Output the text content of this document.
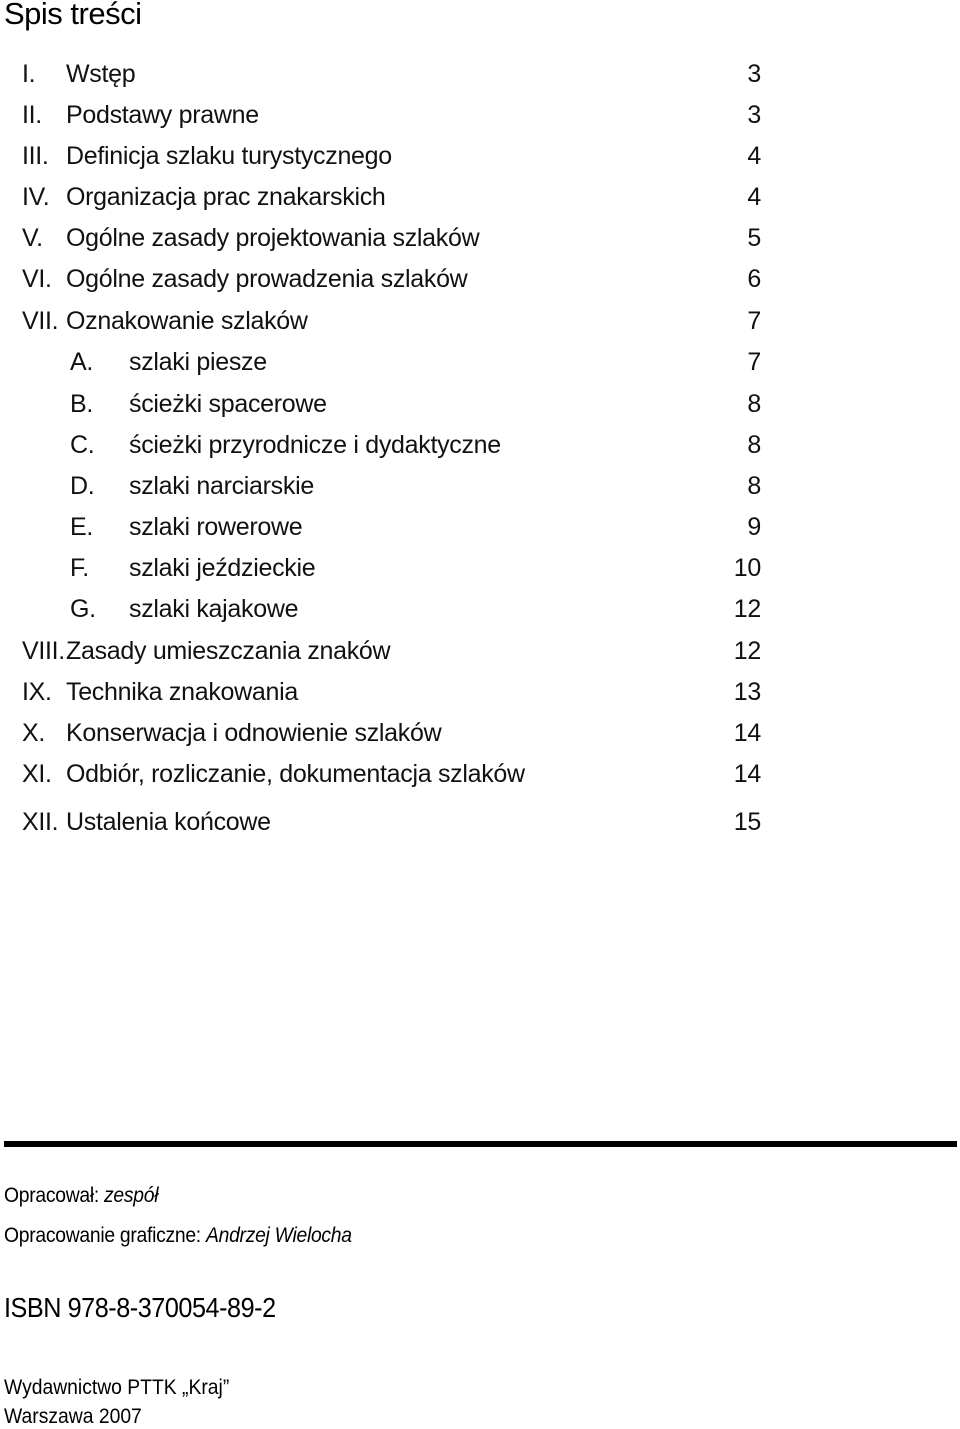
Spis treści
I. Wstęp	3
II. Podstawy prawne	3
III. Definicja szlaku turystycznego	4
IV. Organizacja prac znakarskich	4
V. Ogólne zasady projektowania szlaków	5
VI. Ogólne zasady prowadzenia szlaków	6
VII. Oznakowanie szlaków	7
A. szlaki piesze	7
B. ścieżki spacerowe	8
C. ścieżki przyrodnicze i dydaktyczne	8
D. szlaki narciarskie	8
E. szlaki rowerowe	9
F. szlaki jeździeckie	10
G. szlaki kajakowe	12
VIII. Zasady umieszczania znaków	12
IX. Technika znakowania	13
X. Konserwacja i odnowienie szlaków	14
XI. Odbiór, rozliczanie, dokumentacja szlaków	14
XII. Ustalenia końcowe	15
Opracował: zespół
Opracowanie graficzne: Andrzej Wielocha
ISBN 978-8-370054-89-2
Wydawnictwo PTTK „Kraj”
Warszawa 2007
